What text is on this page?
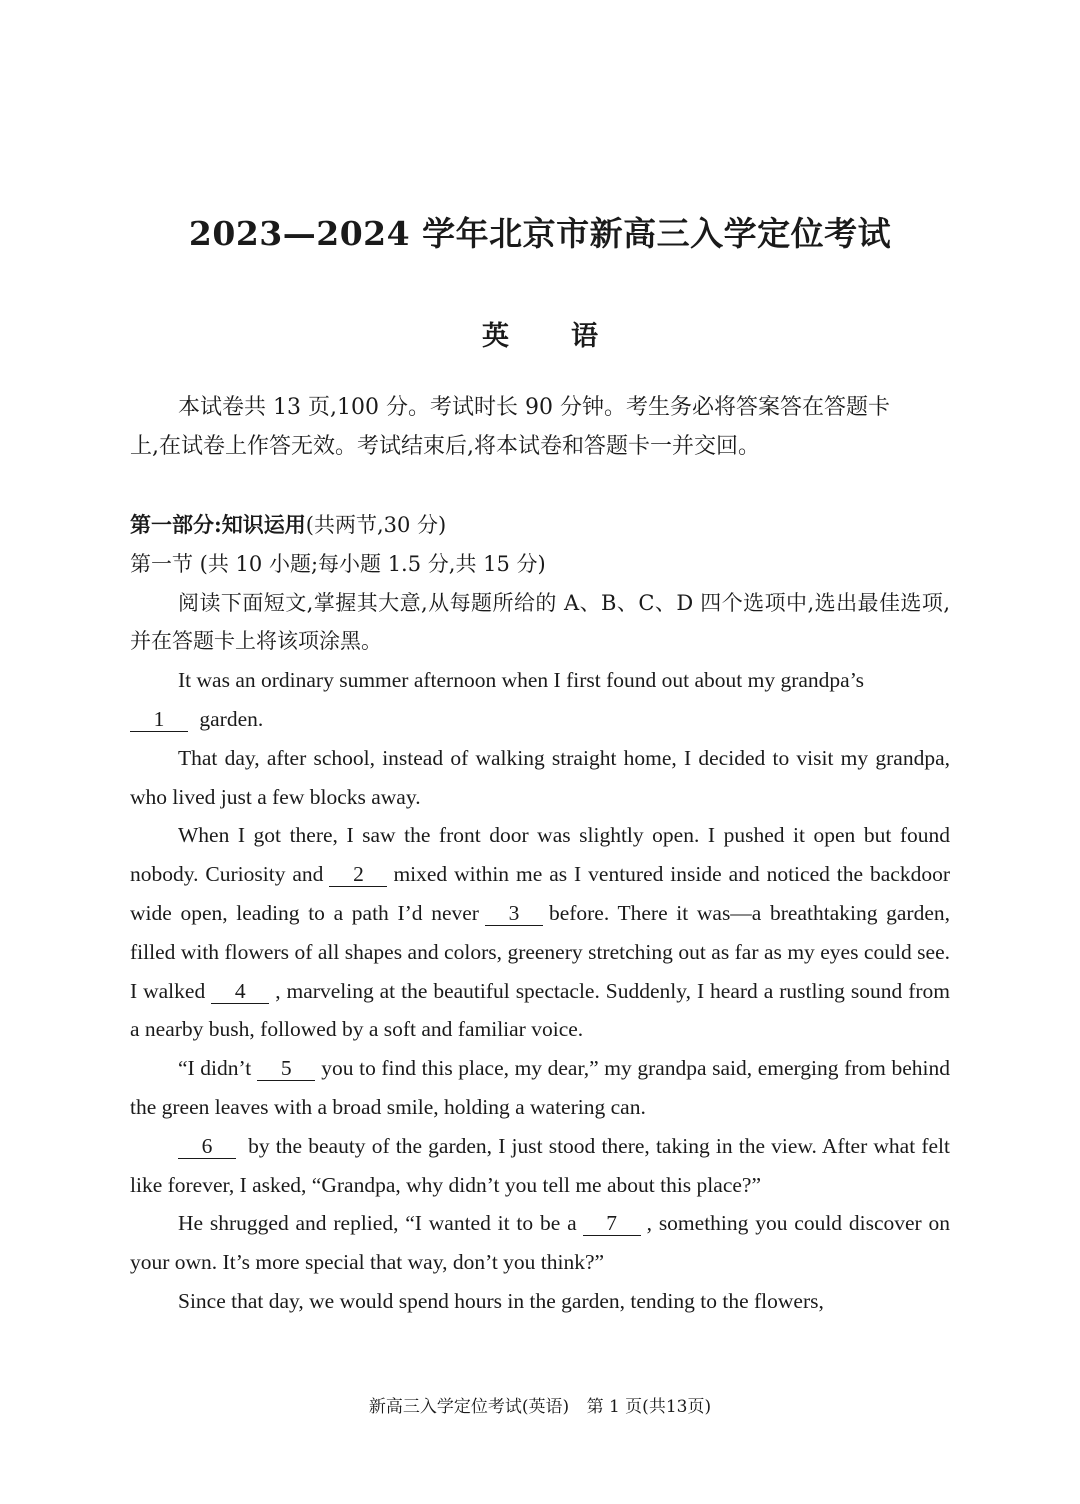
2023—2024 学年北京市新高三入学定位考试
英语

本试卷共 13 页,100 分。考试时长 90 分钟。考生务必将答案答在答题卡

上,在试卷上作答无效。考试结束后,将本试卷和答题卡一并交回。

第一部分:知识运用(共两节,30 分)

第一节 (共 10 小题;每小题 1.5 分,共 15 分)

阅读下面短文,掌握其大意,从每题所给的 A、B、C、D 四个选项中,选出最佳选项,并在答题卡上将该项涂黑。

It was an ordinary summer afternoon when I first found out about my grandpa’s

1 garden.

That day, after school, instead of walking straight home, I decided to visit my grandpa, who lived just a few blocks away.

When I got there, I saw the front door was slightly open. I pushed it open but found nobody. Curiosity and 2 mixed within me as I ventured inside and noticed the backdoor wide open, leading to a path I’d never 3 before. There it was—a breathtaking garden, filled with flowers of all shapes and colors, greenery stretching out as far as my eyes could see. I walked 4 , marveling at the beautiful spectacle. Suddenly, I heard a rustling sound from a nearby bush, followed by a soft and familiar voice.

“I didn’t 5 you to find this place, my dear,” my grandpa said, emerging from behind the green leaves with a broad smile, holding a watering can.

6 by the beauty of the garden, I just stood there, taking in the view. After what felt like forever, I asked, “Grandpa, why didn’t you tell me about this place?”

He shrugged and replied, “I wanted it to be a 7 , something you could discover on your own. It’s more special that way, don’t you think?”

Since that day, we would spend hours in the garden, tending to the flowers,

新高三入学定位考试(英语) 第 1 页(共13页)
